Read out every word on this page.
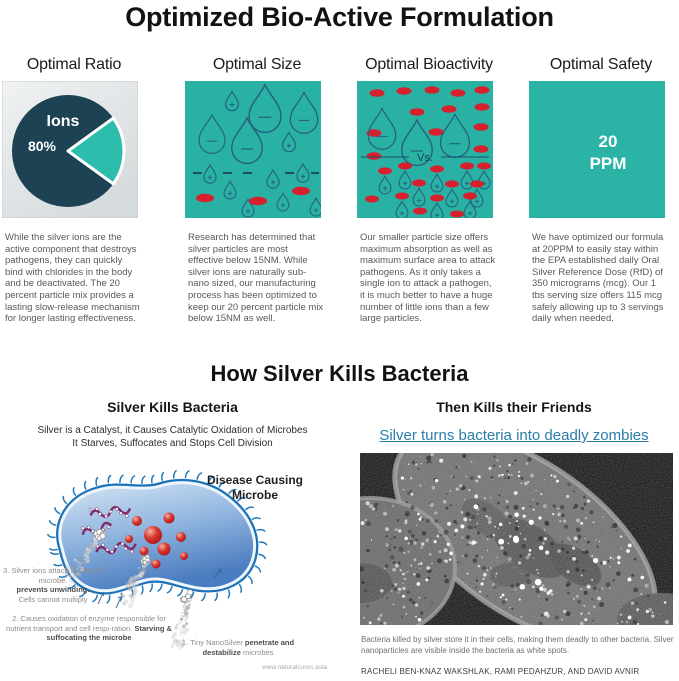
Optimized Bio-Active Formulation
Optimal Ratio
Ions
80%

While the silver ions are the active component that destroys pathogens, they can quickly bind with chlorides in the body and be deactivated. The 20 percent particle mix provides a lasting slow-release mechanism for longer lasting effectiveness.

Optimal Size

Research has determined that silver particles are most effective below 15NM. While silver ions are naturally sub-nano sized, our manufacturing process has been optimized to keep our 20 percent particle mix below 15NM as well.

Optimal Bioactivity
Vs.

Our smaller particle size offers maximum absorption as well as maximum surface area to attack pathogens. As it only takes a single ion to attack a pathogen, it is much better to have a huge number of little ions than a few large particles.

Optimal Safety
20
PPM

We have optimized our formula at 20PPM to easily stay within the EPA established daily Oral Silver Reference Dose (RfD) of 350 micrograms (mcg). Our 1 tbs serving size offers 115 mcg safely allowing up to 3 servings daily when needed.

How Silver Kills Bacteria
Silver Kills Bacteria

Silver is a Catalyst, it Causes Catalytic Oxidation of Microbes
It Starves, Suffocates and Stops Cell Division

Then Kills their Friends
Silver turns bacteria into deadly zombies
Disease Causing
Microbe
3. Silver ions attach to DNA of microbe.
prevents unwinding.
Cells cannot multiply
2. Causes oxidation of enzyme responsible for nutrient transport and cell respi-ration. Starving & suffocating the microbe
1. Tiny NanoSilver penetrate and destabilize microbes
www.naturalcures.asia

Bacteria killed by silver store it in their cells, making them deadly to other bacteria. Silver nanoparticles are visible inside the bacteria as white spots.

RACHELI BEN-KNAZ WAKSHLAK, RAMI PEDAHZUR, AND DAVID AVNIR
